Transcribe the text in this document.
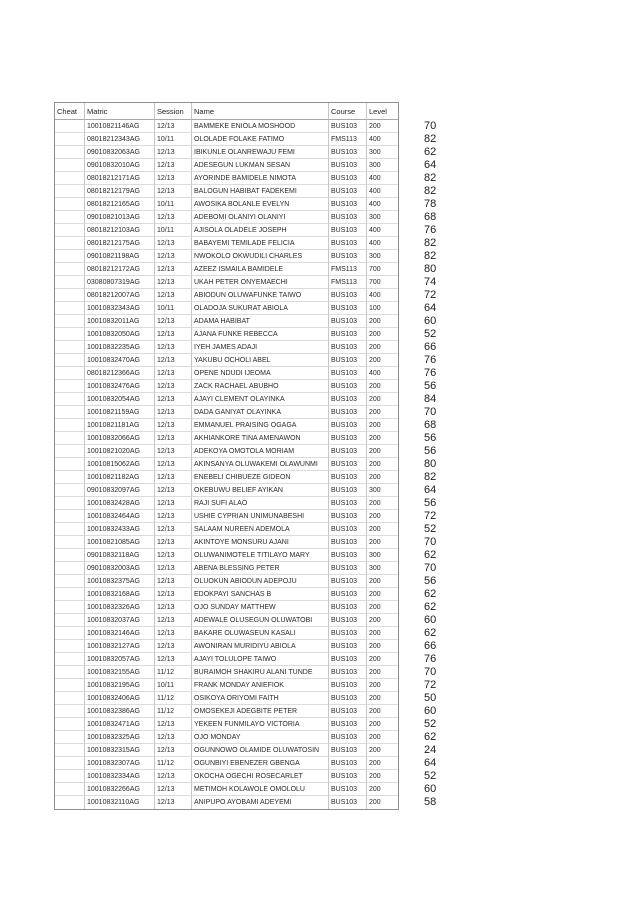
Cheat	Matric	Session	Name	Course	Level
10010821146AG	12/13	BAMMEKE ENIOLA MOSHOOD	BUS103	200	70
08018212343AG	10/11	OLOLADE FOLAKE FATIMO	FMS113	400	82
09010832063AG	12/13	IBIKUNLE OLANREWAJU FEMI	BUS103	300	62
09010832010AG	12/13	ADESEGUN LUKMAN SESAN	BUS103	300	64
08018212171AG	12/13	AYORINDE BAMIDELE NIMOTA	BUS103	400	82
08018212179AG	12/13	BALOGUN HABIBAT FADEKEMI	BUS103	400	82
08018212165AG	10/11	AWOSIKA BOLANLE EVELYN	BUS103	400	78
09010821013AG	12/13	ADEBOMI OLANIYI OLANIYI	BUS103	300	68
08018212103AG	10/11	AJISOLA OLADELE JOSEPH	BUS103	400	76
08018212175AG	12/13	BABAYEMI TEMILADE FELICIA	BUS103	400	82
09010821198AG	12/13	NWOKOLO OKWUDILI CHARLES	BUS103	300	82
08018212172AG	12/13	AZEEZ ISMAILA BAMIDELE	FMS113	700	80
03080807319AG	12/13	UKAH PETER ONYEMAECHI	FMS113	700	74
08018212007AG	12/13	ABIODUN OLUWAFUNKE TAIWO	BUS103	400	72
10010832343AG	10/11	OLADOJA SUKURAT ABIOLA	BUS103	100	64
10010832011AG	12/13	ADAMA HABIBAT	BUS103	200	60
10010832050AG	12/13	AJANA FUNKE REBECCA	BUS103	200	52
10010832235AG	12/13	IYEH JAMES ADAJI	BUS103	200	66
10010832470AG	12/13	YAKUBU OCHOLI ABEL	BUS103	200	76
08018212366AG	12/13	OPENE NDUDI IJEOMA	BUS103	400	76
10010832476AG	12/13	ZACK RACHAEL ABUBHO	BUS103	200	56
10010832054AG	12/13	AJAYI CLEMENT OLAYINKA	BUS103	200	84
10010821159AG	12/13	DADA GANIYAT OLAYINKA	BUS103	200	70
10010821181AG	12/13	EMMANUEL PRAISING OGAGA	BUS103	200	68
10010832066AG	12/13	AKHIANKORE TINA AMENAWON	BUS103	200	56
10010821020AG	12/13	ADEKOYA OMOTOLA MORIAM	BUS103	200	56
10010815062AG	12/13	AKINSANYA OLUWAKEMI OLAWUNMI	BUS103	200	80
10010821182AG	12/13	ENEBELI CHIBUEZE GIDEON	BUS103	200	82
09010832097AG	12/13	OKEBUWU BELIEF AYIKAN	BUS103	300	64
10010832428AG	12/13	RAJI SUFI ALAO	BUS103	200	56
10010832464AG	12/13	USHIE CYPRIAN UNIMUNABESHI	BUS103	200	72
10010832433AG	12/13	SALAAM NUREEN ADEMOLA	BUS103	200	52
10010821085AG	12/13	AKINTOYE MONSURU AJANI	BUS103	200	70
09010832118AG	12/13	OLUWANIMOTELE TITILAYO MARY	BUS103	300	62
09010832003AG	12/13	ABENA BLESSING PETER	BUS103	300	70
10010832375AG	12/13	OLUOKUN ABIODUN ADEPOJU	BUS103	200	56
10010832168AG	12/13	EDOKPAYI SANCHAS B	BUS103	200	62
10010832326AG	12/13	OJO SUNDAY MATTHEW	BUS103	200	62
10010832037AG	12/13	ADEWALE OLUSEGUN OLUWATOBI	BUS103	200	60
10010832146AG	12/13	BAKARE OLUWASEUN KASALI	BUS103	200	62
10010832127AG	12/13	AWONIRAN MURIDIYU ABIOLA	BUS103	200	66
10010832057AG	12/13	AJAYI TOLULOPE TAIWO	BUS103	200	76
10010832155AG	11/12	BURAIMOH SHAKIRU ALANI TUNDE	BUS103	200	70
10010832195AG	10/11	FRANK MONDAY ANIEFIOK	BUS103	200	72
10010832406AG	11/12	OSIKOYA ORIYOMI FAITH	BUS103	200	50
10010832386AG	11/12	OMOSEKEJI ADEGBITE PETER	BUS103	200	60
10010832471AG	12/13	YEKEEN FUNMILAYO VICTORIA	BUS103	200	52
10010832325AG	12/13	OJO MONDAY	BUS103	200	62
10010832315AG	12/13	OGUNNOWO OLAMIDE OLUWATOSIN	BUS103	200	24
10010832307AG	11/12	OGUNBIYI EBENEZER GBENGA	BUS103	200	64
10010832334AG	12/13	OKOCHA OGECHI ROSECARLET	BUS103	200	52
10010832266AG	12/13	METIMOH KOLAWOLE OMOLOLU	BUS103	200	60
10010832110AG	12/13	ANIPUPO AYOBAMI ADEYEMI	BUS103	200	58
